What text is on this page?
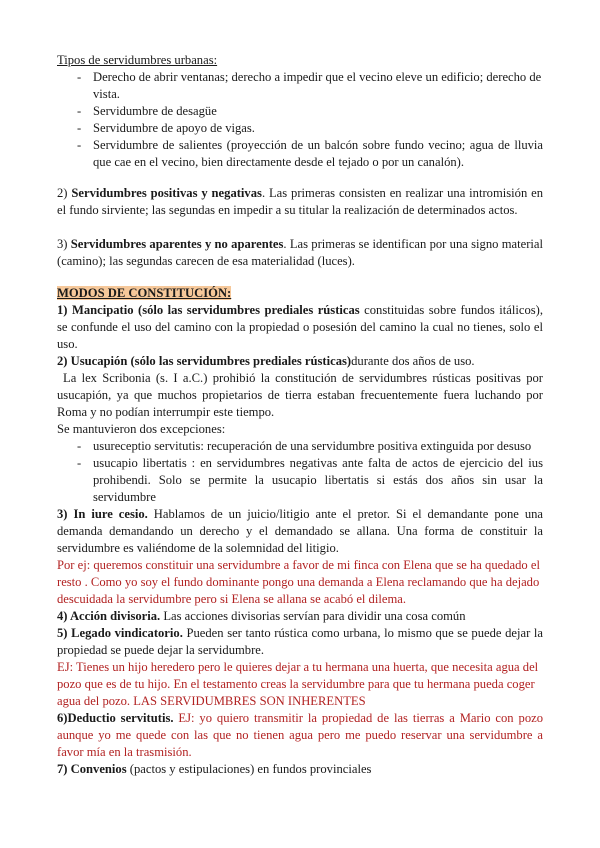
Tipos de servidumbres urbanas:
- Derecho de abrir ventanas; derecho a impedir que el vecino eleve un edificio; derecho de vista.
- Servidumbre de desagüe
- Servidumbre de apoyo de vigas.
- Servidumbre de salientes (proyección de un balcón sobre fundo vecino; agua de lluvia que cae en el vecino, bien directamente desde el tejado o por un canalón).

2) Servidumbres positivas y negativas. Las primeras consisten en realizar una intromisión en el fundo sirviente; las segundas en impedir a su titular la realización de determinados actos.

3) Servidumbres aparentes y no aparentes. Las primeras se identifican por una signo material (camino); las segundas carecen de esa materialidad (luces).

MODOS DE CONSTITUCIÓN:
1) Mancipatio (sólo las servidumbres prediales rústicas constituidas sobre fundos itálicos), se confunde el uso del camino con la propiedad o posesión del camino la cual no tienes, solo el uso.
2) Usucapión (sólo las servidumbres prediales rústicas)durante dos años de uso.
La lex Scribonia (s. I a.C.) prohibió la constitución de servidumbres rústicas positivas por usucapión, ya que muchos propietarios de tierra estaban frecuentemente fuera luchando por Roma y no podían interrumpir este tiempo.
Se mantuvieron dos excepciones:
- usureceptio servitutis: recuperación de una servidumbre positiva extinguida por desuso
- usucapio libertatis : en servidumbres negativas ante falta de actos de ejercicio del ius prohibendi. Solo se permite la usucapio libertatis si estás dos años sin usar la servidumbre
3) In iure cesio. Hablamos de un juicio/litigio ante el pretor. Si el demandante pone una demanda demandando un derecho y el demandado se allana. Una forma de constituir la servidumbre es valiéndome de la solemnidad del litigio.
Por ej: queremos constituir una servidumbre a favor de mi finca con Elena que se ha quedado el resto . Como yo soy el fundo dominante pongo una demanda a Elena reclamando que ha dejado descuidada la servidumbre pero si Elena se allana se acabó el dilema.
4) Acción divisoria. Las acciones divisorias servían para dividir una cosa común
5) Legado vindicatorio. Pueden ser tanto rústica como urbana, lo mismo que se puede dejar la propiedad se puede dejar la servidumbre.
EJ: Tienes un hijo heredero pero le quieres dejar a tu hermana una huerta, que necesita agua del pozo que es de tu hijo. En el testamento creas la servidumbre para que tu hermana pueda coger agua del pozo. LAS SERVIDUMBRES SON INHERENTES
6)Deductio servitutis. EJ: yo quiero transmitir la propiedad de las tierras a Mario con pozo aunque yo me quede con las que no tienen agua pero me puedo reservar una servidumbre a favor mía en la trasmisión.
7) Convenios (pactos y estipulaciones) en fundos provinciales
